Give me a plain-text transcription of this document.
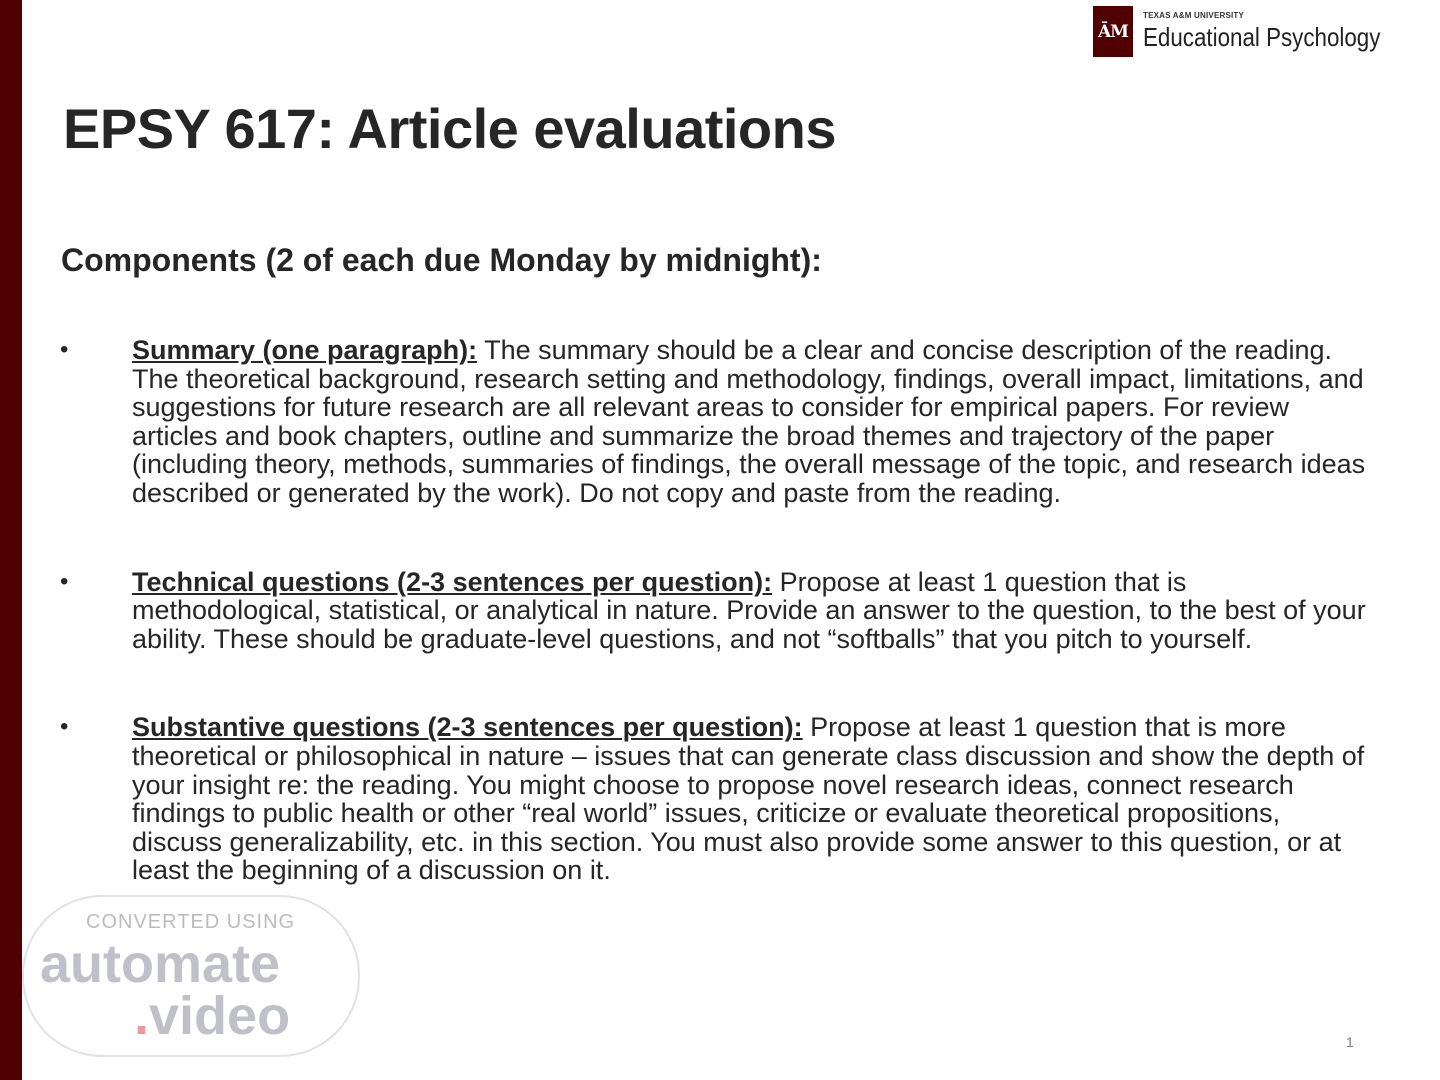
ĀM
TEXAS A&M UNIVERSITY
Educational Psychology
EPSY 617: Article evaluations
Components (2 of each due Monday by midnight):
• Summary (one paragraph): The summary should be a clear and concise description of the reading. The theoretical background, research setting and methodology, findings, overall impact, limitations, and suggestions for future research are all relevant areas to consider for empirical papers. For review articles and book chapters, outline and summarize the broad themes and trajectory of the paper (including theory, methods, summaries of findings, the overall message of the topic, and research ideas described or generated by the work). Do not copy and paste from the reading.
• Technical questions (2-3 sentences per question): Propose at least 1 question that is methodological, statistical, or analytical in nature. Provide an answer to the question, to the best of your ability. These should be graduate-level questions, and not “softballs” that you pitch to yourself.
• Substantive questions (2-3 sentences per question): Propose at least 1 question that is more theoretical or philosophical in nature – issues that can generate class discussion and show the depth of your insight re: the reading. You might choose to propose novel research ideas, connect research findings to public health or other “real world” issues, criticize or evaluate theoretical propositions, discuss generalizability, etc. in this section. You must also provide some answer to this question, or at least the beginning of a discussion on it.
CONVERTED USING
automate
.video	1
